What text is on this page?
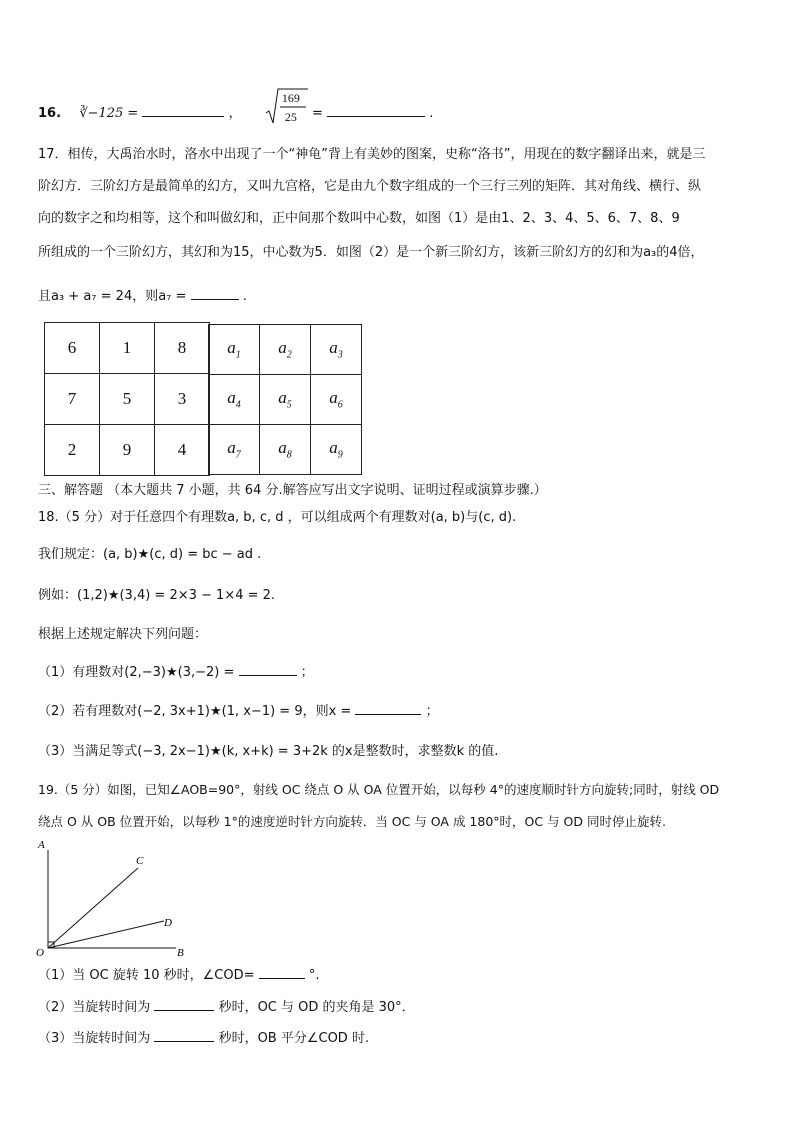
16. ∛−125 =	，
169
25 =	.
17．相传，大禹治水时，洛水中出现了一个“神龟”背上有美妙的图案，史称“洛书”，用现在的数字翻译出来，就是三
阶幻方．三阶幻方是最简单的幻方，又叫九宫格，它是由九个数字组成的一个三行三列的矩阵．其对角线、横行、纵
向的数字之和均相等，这个和叫做幻和，正中间那个数叫中心数，如图（1）是由1、2、3、4、5、6、7、8、9
所组成的一个三阶幻方，其幻和为15，中心数为5．如图（2）是一个新三阶幻方，该新三阶幻方的幻和为a₃的4倍，
且a₃ + a₇ = 24，则a₇ =	.
6	1	8
7	5	3
2	9	4
$a_1$	$a_2$	$a_3$
$a_4$	$a_5$	$a_6$
$a_7$	$a_8$	$a_9$
三、解答题 （本大题共 7 小题，共 64 分.解答应写出文字说明、证明过程或演算步骤.）
18.（5 分）对于任意四个有理数a, b, c, d ，可以组成两个有理数对(a, b)与(c, d).
我们规定：(a, b)★(c, d) = bc − ad .
例如：(1,2)★(3,4) = 2×3 − 1×4 = 2.
根据上述规定解决下列问题：
（1）有理数对(2,−3)★(3,−2) =	；
（2）若有理数对(−2, 3x+1)★(1, x−1) = 9，则x =	；
（3）当满足等式(−3, 2x−1)★(k, x+k) = 3+2k 的x是整数时，求整数k 的值.
19.（5 分）如图，已知∠AOB=90°，射线 OC 绕点 O 从 OA 位置开始，以每秒 4°的速度顺时针方向旋转;同时，射线 OD
绕点 O 从 OB 位置开始，以每秒 1°的速度逆时针方向旋转．当 OC 与 OA 成 180°时，OC 与 OD 同时停止旋转.
A
B
C
D
O
（1）当 OC 旋转 10 秒时，∠COD=	°.
（2）当旋转时间为	秒时，OC 与 OD 的夹角是 30°．
（3）当旋转时间为	秒时，OB 平分∠COD 时.
